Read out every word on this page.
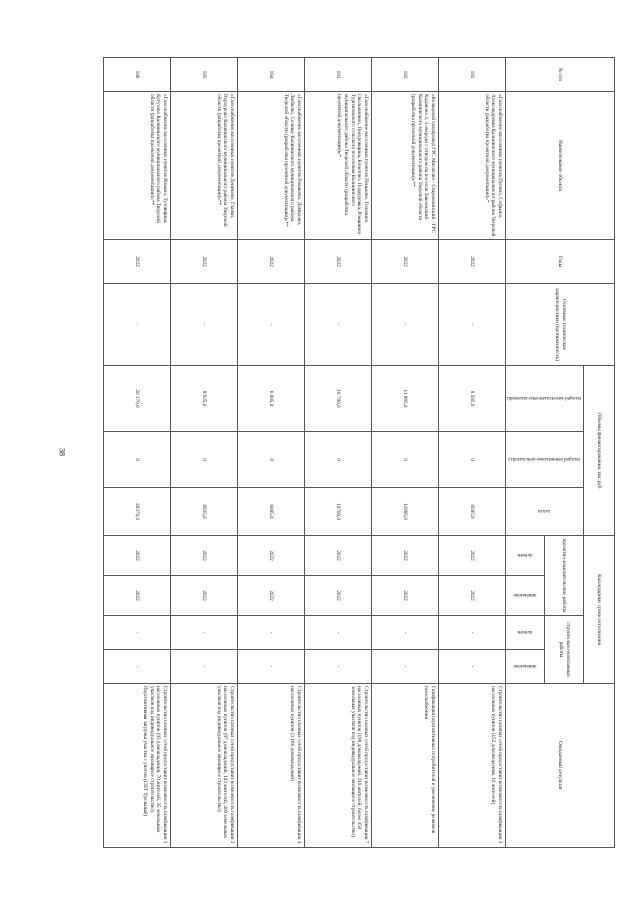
38
№ п/п	Наименование объекта	Годы	Основные технические характеристики (протяженность)	Объемы финансирования, тыс.руб			Календарные сроки исполнения				Ожидаемый результат

				проектно-изыскательские работы	строительно-монтажные работы	итого	проектно-изыскательские работы		строительно-монтажные работы		

							начало	окончание	начало	окончание	

181	«Газоснабжение населенных пунктов Пугино, Софьино, Александровка Калининского муниципального района Тверской области (разработка проектной документации)»*	2022	-	8 585,0	0	8585,0	2022	2022	-	-	Строительство газовых сетей предоставит возможность газификации 3 населенных пунктов (152 домовладения, 10 жителей)
182	«Кольцевой газопровод ГРС Мигалово - Старомлинский - ГРС Каданово 2, 3 очереди с отводом на поселок Заволжский Калининского муниципального района Тверской области (разработка проектной документации)»**	2022	-	11 985,0	0	11985,0	2022	2022	-	-	Газификация перспективных потребителей и увеличение режимов газоснабжения
183	«Газоснабжение населенных пунктов Пенькове, Голенино, Окольничино, Пекуровщина, Кочетово, Подкуровка, Ромашино Тургиновского сельского поселения Калининского муниципального района Тверской области (разработка проектной документации)»*	2022	-	18 700,0	0	18700,0	2022	2022	-	-	Строительство газовых сетей предоставит возможность газификации 7 населенных пунктов (196 домовладений, 218 жителей, более 450 земельных участков под индивидуальное жилищное строительство)
184	«Газоснабжение населенных пунктов Романово, Демидово, Любково, Селище Калининского муниципального района Тверской области (разработка проектной документации)»**	2022	-	6 885,0	0	6885,0	2022	2022	-	-	Строительство газовых сетей предоставит возможность газификации 4 населенных пунктов (3 168 домовладений)
185	«Газоснабжение населенных пунктов Дениково, Глазки, Перхурово Калининского муниципального района Тверской области (разработка проектной документации)»**	2022	-	8 925,0	0	8925,0	2022	2022	-	-	Строительство газовых сетей предоставит возможность газификации 3 населенных пунктов (97 домовладений, 103 жителей, 400 земельных участков под индивидуальное жилищное строительство)
186	«Газоснабжение населенных пунктов Ильино, Тутовщина, Кутузово Калининского муниципального района Тверской области (разработка проектной документации)»**	2022	-	20 370,0	0	20370,0	2022	2022	-	-	Строительство газовых сетей предоставит возможность газификации 3 населенных пунктов (93 домовладения, 70 жителей, 35 земельных участков под индивидуальное жилищное строительство). Перспективная загрузка участка с учетом (СНТ Удельный)
